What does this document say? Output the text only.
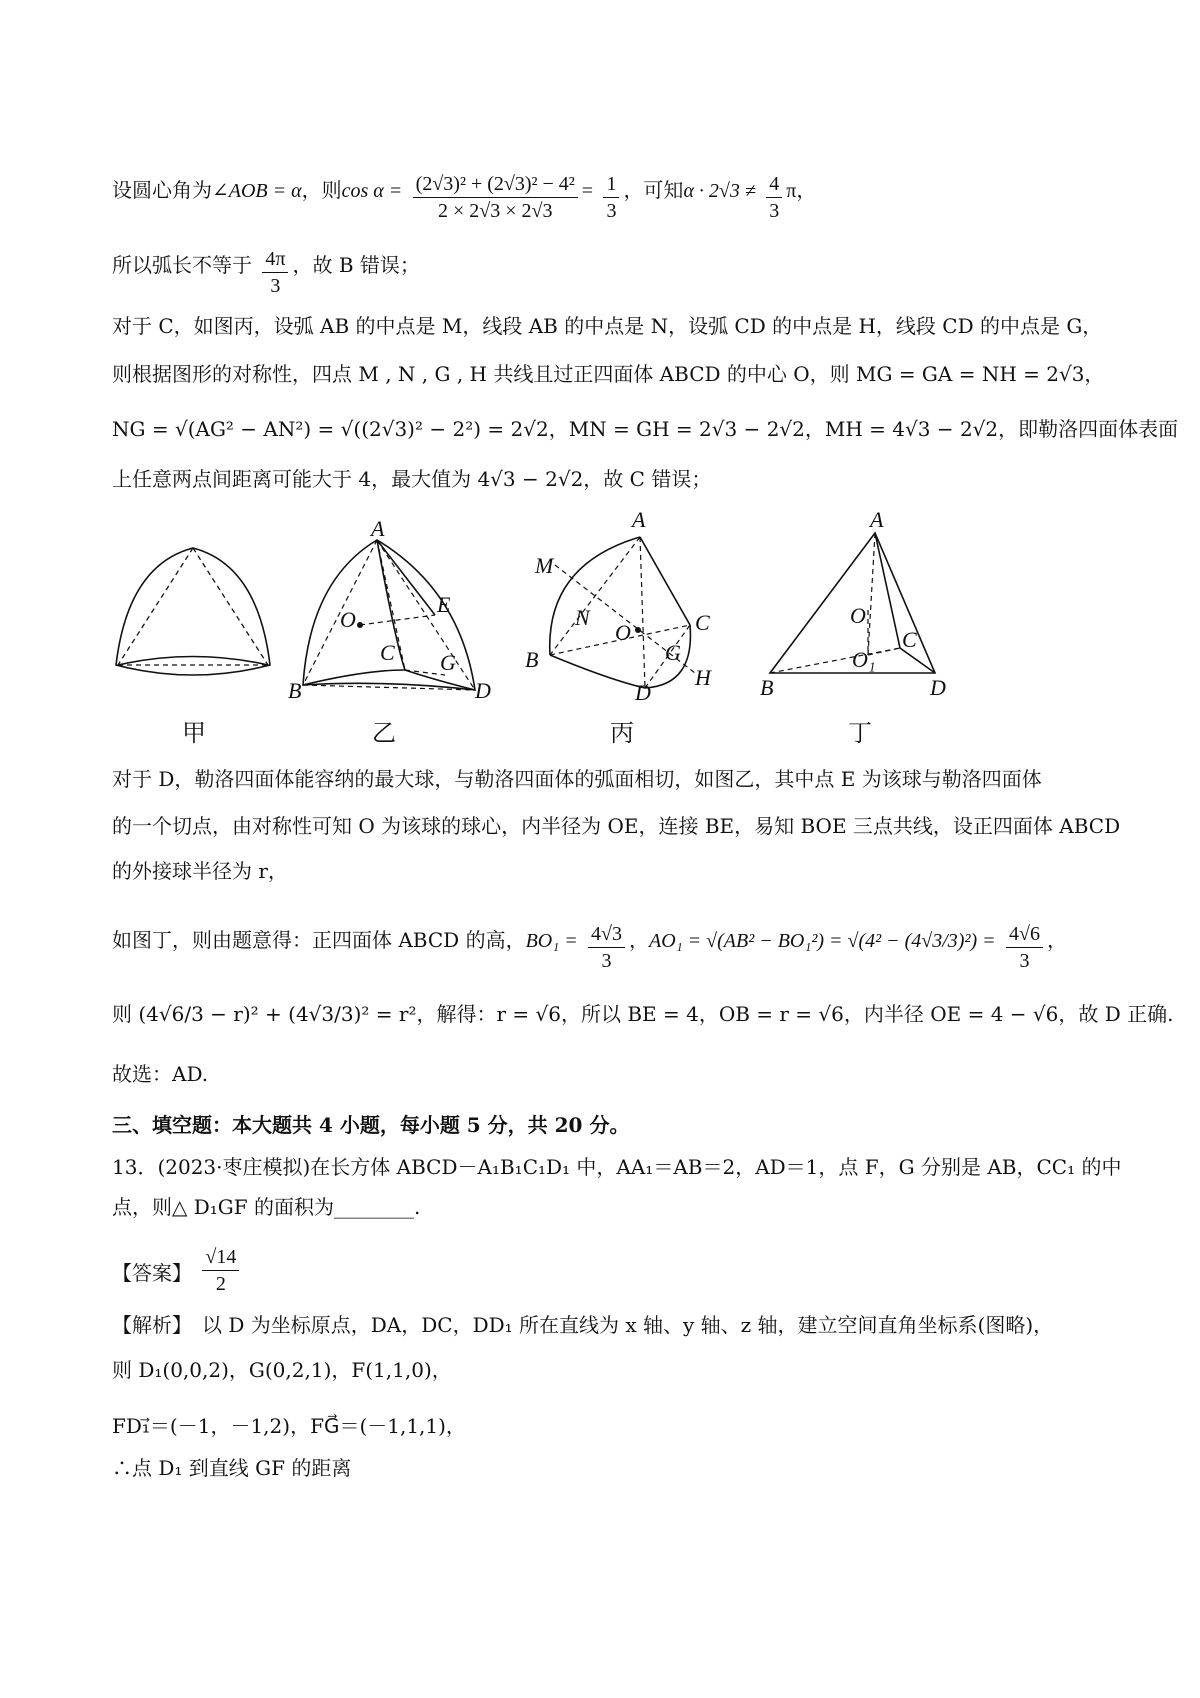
设圆心角为∠AOB = α，则$\cos \alpha = \frac{\text{(2√3)² + (2√3)² − 4²}}{2 \times 2√3 \times 2√3} = \frac{1}{3}$ ，可知$\alpha \cdot 2√3 \ne \frac{4}{3}$ π，
所以弧长不等于 $\frac{4\pi}{3}$ ，故 B 错误；
对于 C，如图丙，设弧 AB 的中点是 M，线段 AB 的中点是 N，设弧 CD 的中点是 H，线段 CD 的中点是 G，
则根据图形的对称性，四点 M , N , G , H 共线且过正四面体 ABCD 的中心 O，则 MG = GA = NH = 2√3，
NG = √(AG² − AN²) = √((2√3)² − 2²) = 2√2，MN = GH = 2√3 − 2√2，MH = 4√3 − 2√2，即勒洛四面体表面
上任意两点间距离可能大于 4，最大值为 4√3 − 2√2，故 C 错误；
甲
A
E
O
C G
B	D
乙
A
M
N
O	C
G
H
B
D
丙
A
O
C
O₁
B	D
丁
对于 D，勒洛四面体能容纳的最大球，与勒洛四面体的弧面相切，如图乙，其中点 E 为该球与勒洛四面体
的一个切点，由对称性可知 O 为该球的球心，内半径为 OE，连接 BE，易知 BOE 三点共线，设正四面体 ABCD
的外接球半径为 r，
如图丁，则由题意得：正四面体 ABCD 的高，$BO_1 = \frac{4√3}{3}$ ，$AO_1 = √(AB^2 - BO_1^2) = √(4^2 - (4√3/3)^2) = \frac{4√6}{3}$ ，
则 (4√6/3 − r)² + (4√3/3)² = r²，解得：r = √6，所以 BE = 4，OB = r = √6，内半径 OE = 4 − √6，故 D 正确.
故选：AD.
三、填空题：本大题共 4 小题，每小题 5 分，共 20 分。
13．(2023·枣庄模拟)在长方体 ABCD－A₁B₁C₁D₁ 中，AA₁＝AB＝2，AD＝1，点 F，G 分别是 AB，CC₁ 的中
点，则△ D₁GF 的面积为________.
【答案】 $\frac{√14}{2}$
【解析】　以 D 为坐标原点，DA，DC，DD₁ 所在直线为 x 轴、y 轴、z 轴，建立空间直角坐标系(图略)，
则 D₁(0,0,2)，G(0,2,1)，F(1,1,0)，
FD₁⃗＝(－1，－1,2)，FG⃗＝(－1,1,1)，
∴点 D₁ 到直线 GF 的距离
